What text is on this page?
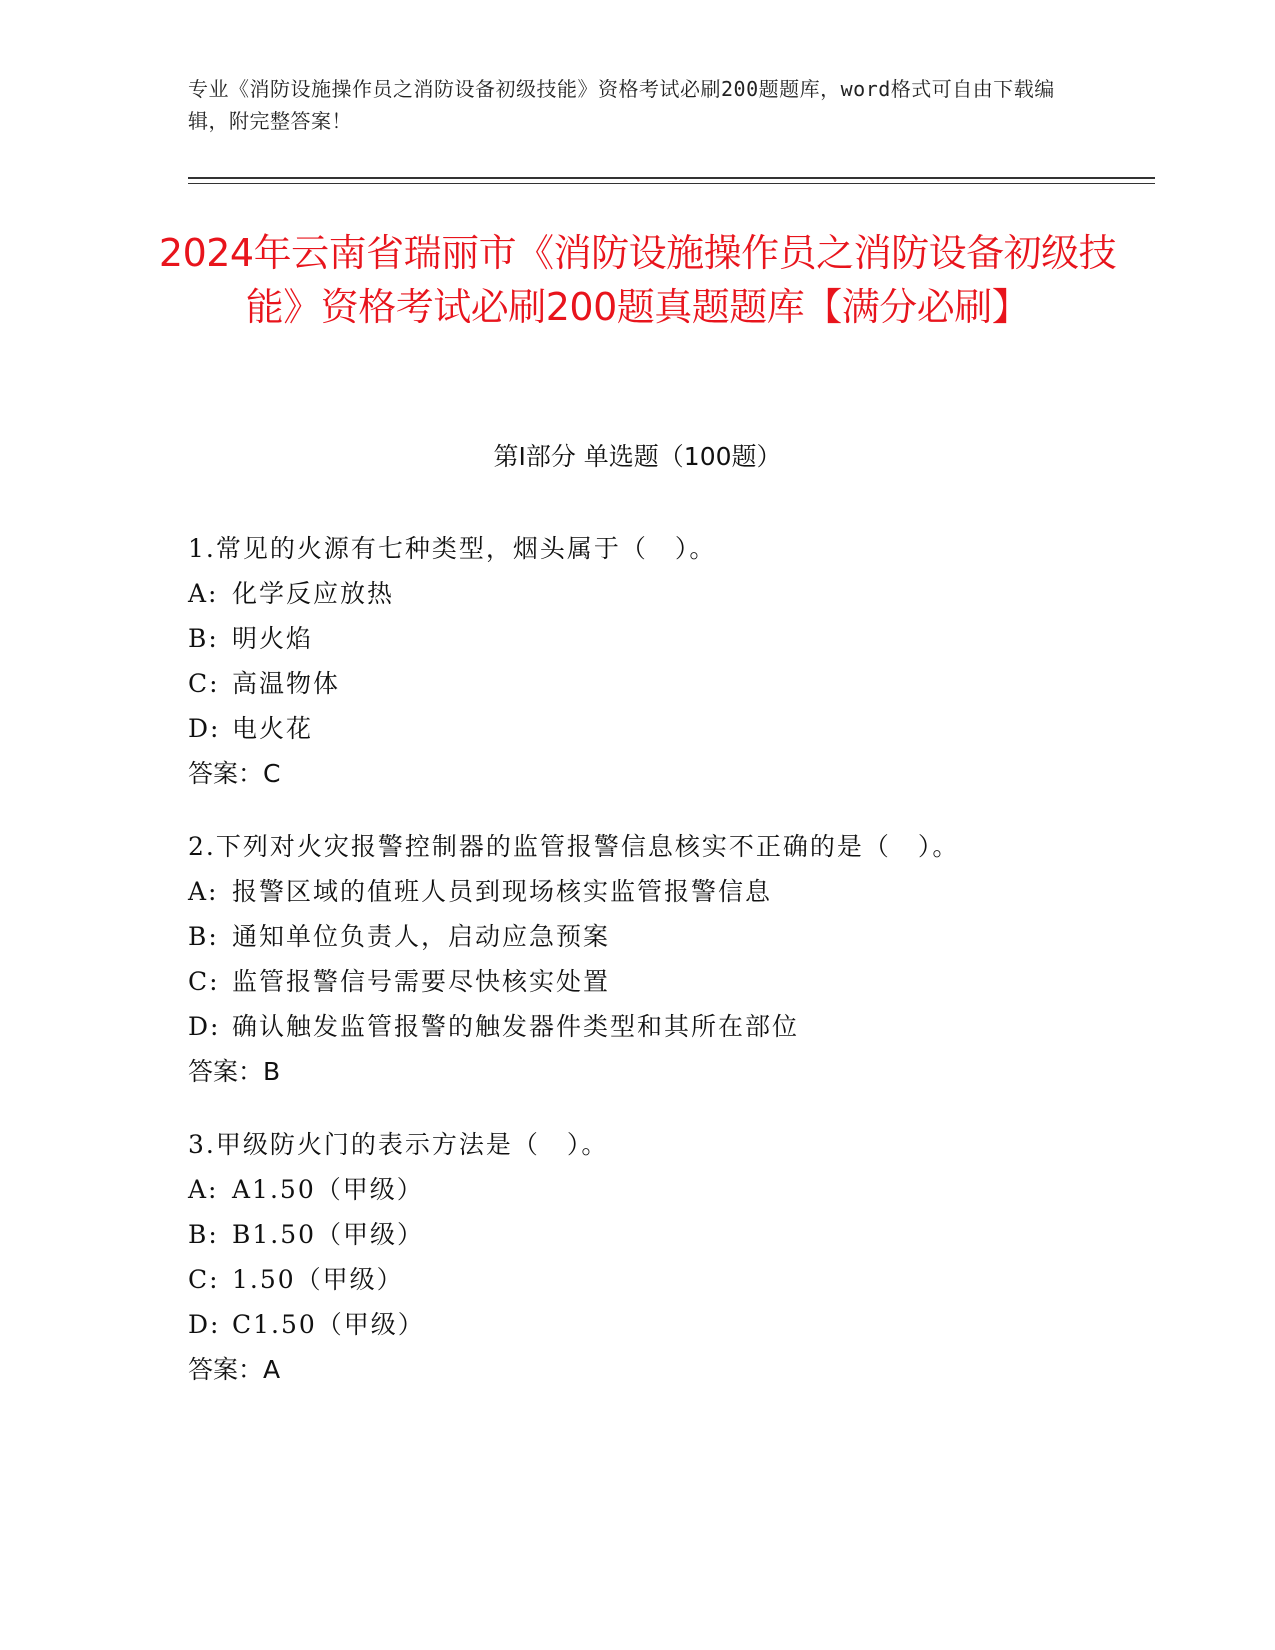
专业《消防设施操作员之消防设备初级技能》资格考试必刷200题题库，word格式可自由下载编辑，附完整答案！
2024年云南省瑞丽市《消防设施操作员之消防设备初级技能》资格考试必刷200题真题题库【满分必刷】
第Ⅰ部分 单选题（100题）
1.常见的火源有七种类型，烟头属于（　）。
A: 化学反应放热
B: 明火焰
C: 高温物体
D: 电火花
答案：C
2.下列对火灾报警控制器的监管报警信息核实不正确的是（　）。
A: 报警区域的值班人员到现场核实监管报警信息
B: 通知单位负责人，启动应急预案
C: 监管报警信号需要尽快核实处置
D: 确认触发监管报警的触发器件类型和其所在部位
答案：B
3.甲级防火门的表示方法是（　）。
A: A1.50（甲级）
B: B1.50（甲级）
C: 1.50（甲级）
D: C1.50（甲级）
答案：A
